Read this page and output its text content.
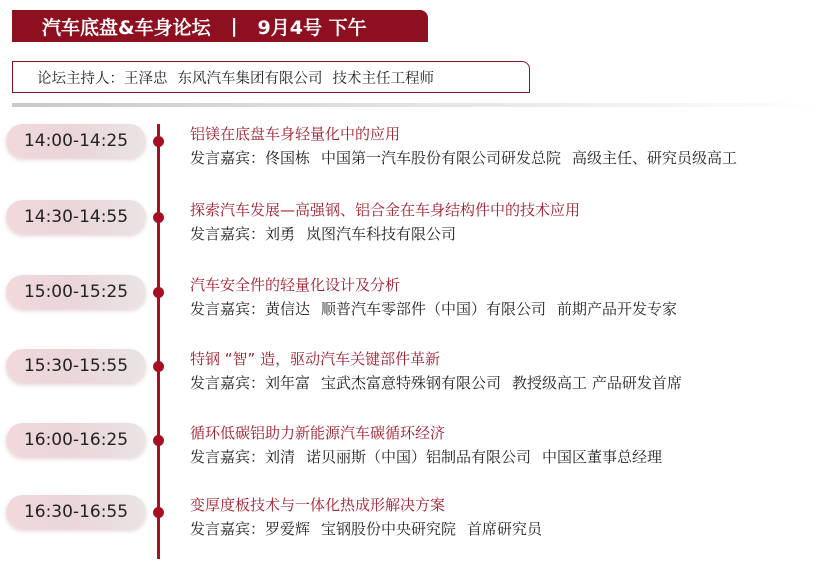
汽车底盘&车身论坛 | 9月4号 下午
论坛主持人： 王泽忠 东风汽车集团有限公司 技术主任工程师
14:00-14:25	铝镁在底盘车身轻量化中的应用
发言嘉宾：佟国栋 中国第一汽车股份有限公司研发总院 高级主任、研究员级高工
14:30-14:55	探索汽车发展—高强钢、铝合金在车身结构件中的技术应用
发言嘉宾：刘勇 岚图汽车科技有限公司
15:00-15:25	汽车安全件的轻量化设计及分析
发言嘉宾：黄信达 顺普汽车零部件（中国）有限公司 前期产品开发专家
15:30-15:55	特钢 “智” 造，驱动汽车关键部件革新
发言嘉宾：刘年富 宝武杰富意特殊钢有限公司 教授级高工 产品研发首席
16:00-16:25	循环低碳铝助力新能源汽车碳循环经济
发言嘉宾：刘清 诺贝丽斯（中国）铝制品有限公司 中国区董事总经理
16:30-16:55	变厚度板技术与一体化热成形解决方案
发言嘉宾：罗爱辉 宝钢股份中央研究院 首席研究员
